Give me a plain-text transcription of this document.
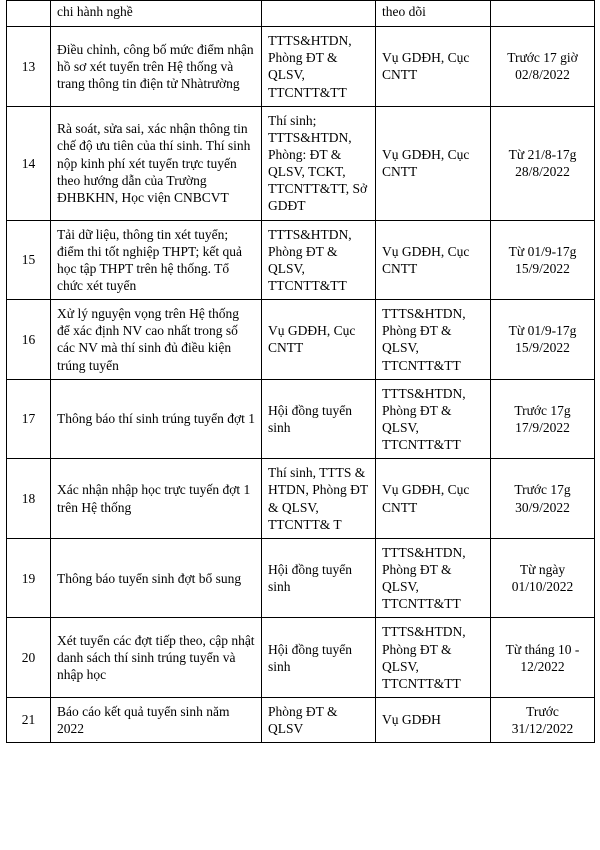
	chi hành nghề		theo dõi	
13	Điều chỉnh, công bố mức điểm nhận hồ sơ xét tuyển trên Hệ thống và trang thông tin điện tử Nhàtrường	TTTS&HTDN, Phòng ĐT & QLSV, TTCNTT&TT	Vụ GDĐH, Cục CNTT	Trước 17 giờ 02/8/2022
14	Rà soát, sửa sai, xác nhận thông tin chế độ ưu tiên của thí sinh. Thí sinh nộp kinh phí xét tuyển trực tuyến theo hướng dẫn của Trường ĐHBKHN, Học viện CNBCVT	Thí sinh; TTTS&HTDN, Phòng: ĐT & QLSV, TCKT, TTCNTT&TT, Sở GDĐT	Vụ GDĐH, Cục CNTT	Từ 21/8-17g 28/8/2022
15	Tải dữ liệu, thông tin xét tuyển; điểm thi tốt nghiệp THPT; kết quả học tập THPT trên hệ thống. Tổ chức xét tuyển	TTTS&HTDN, Phòng ĐT & QLSV, TTCNTT&TT	Vụ GDĐH, Cục CNTT	Từ 01/9-17g 15/9/2022
16	Xử lý nguyện vọng trên Hệ thống để xác định NV cao nhất trong số các NV mà thí sinh đủ điều kiện trúng tuyển	Vụ GDĐH, Cục CNTT	TTTS&HTDN, Phòng ĐT & QLSV, TTCNTT&TT	Từ 01/9-17g 15/9/2022
17	Thông báo thí sinh trúng tuyển đợt 1	Hội đồng tuyển sinh	TTTS&HTDN, Phòng ĐT & QLSV, TTCNTT&TT	Trước 17g 17/9/2022
18	Xác nhận nhập học trực tuyến đợt 1 trên Hệ thống	Thí sinh, TTTS & HTDN, Phòng ĐT & QLSV, TTCNTT& T	Vụ GDĐH, Cục CNTT	Trước 17g 30/9/2022
19	Thông báo tuyển sinh đợt bổ sung	Hội đồng tuyển sinh	TTTS&HTDN, Phòng ĐT & QLSV, TTCNTT&TT	Từ ngày 01/10/2022
20	Xét tuyển các đợt tiếp theo, cập nhật danh sách thí sinh trúng tuyển và nhập học	Hội đồng tuyển sinh	TTTS&HTDN, Phòng ĐT & QLSV, TTCNTT&TT	Từ tháng 10 - 12/2022
21	Báo cáo kết quả tuyển sinh năm 2022	Phòng ĐT & QLSV	Vụ GDĐH	Trước 31/12/2022
